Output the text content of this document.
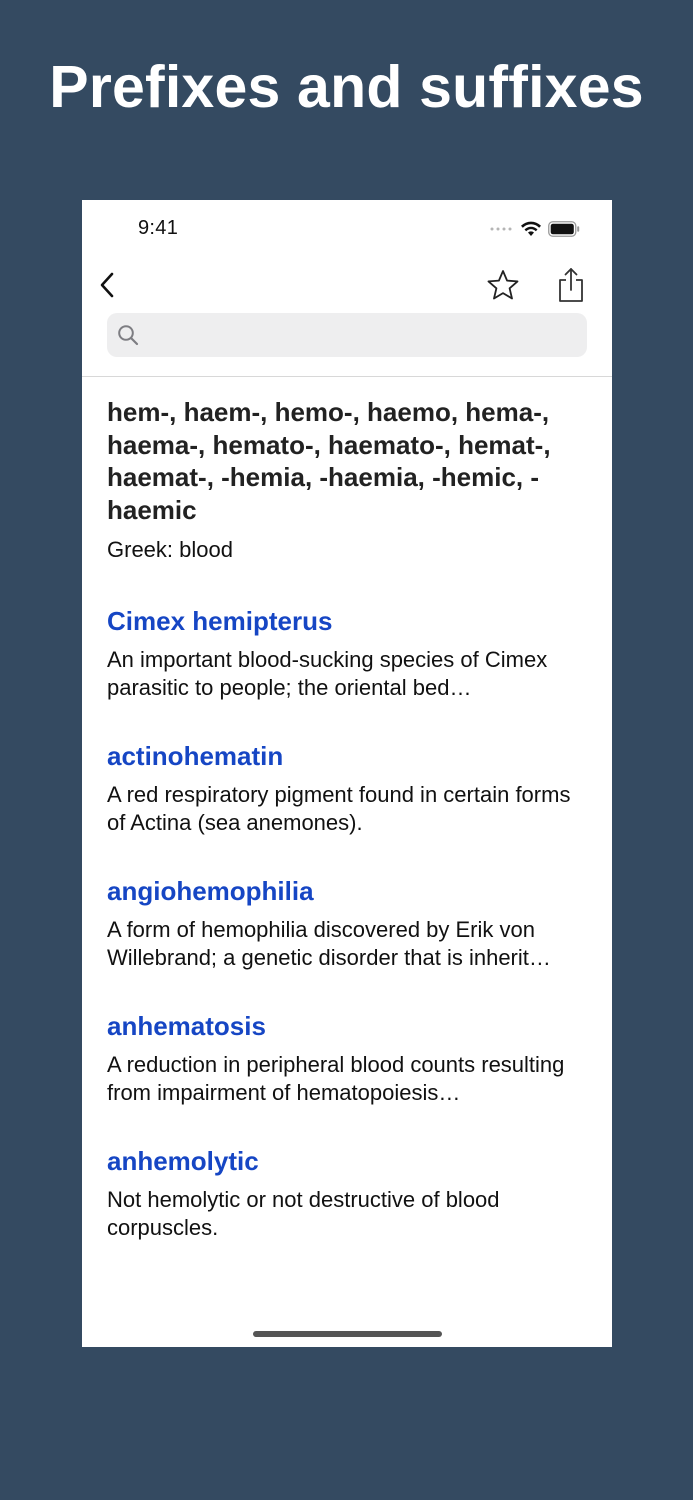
Prefixes and suffixes
9:41
hem-, haem-, hemo-, haemo, hema-, haema-, hemato-, haemato-, hemat-, haemat-, -hemia, -haemia, -hemic, -haemic
Greek: blood
Cimex hemipterus
An important blood-sucking species of Cimex parasitic to people; the oriental bed…
actinohematin
A red respiratory pigment found in certain forms of Actina (sea anemones).
angiohemophilia
A form of hemophilia discovered by Erik von Willebrand; a genetic disorder that is inherit…
anhematosis
A reduction in peripheral blood counts resulting from impairment of hematopoiesis…
anhemolytic
Not hemolytic or not destructive of blood corpuscles.
